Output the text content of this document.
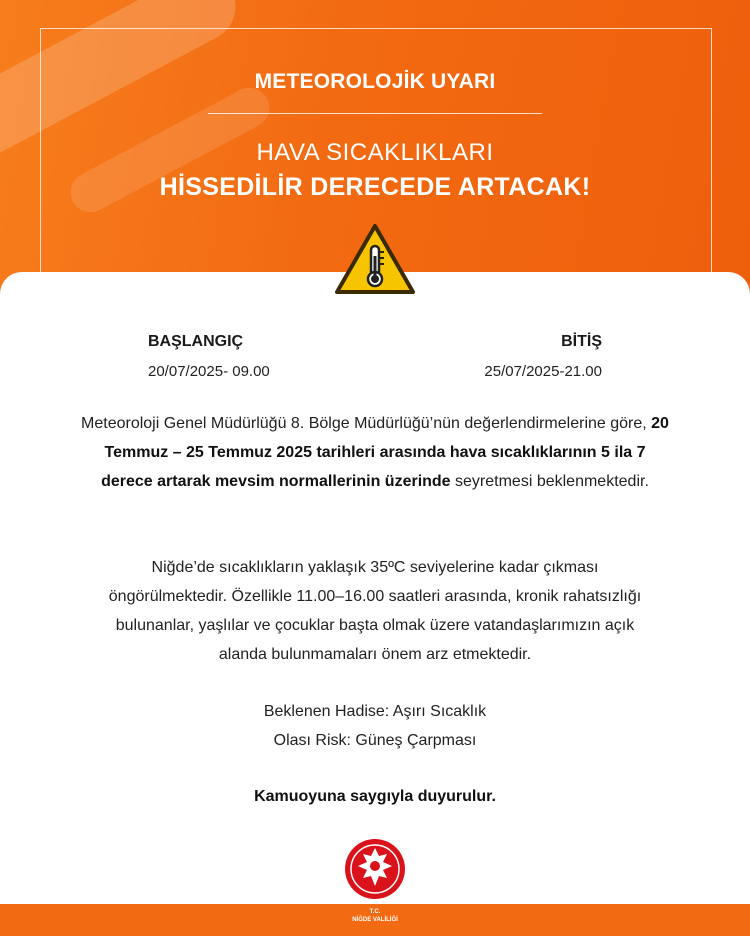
METEOROLOJİK UYARI
HAVA SICAKLIKLARI
HİSSEDİLİR DERECEDE ARTACAK!
BAŞLANGIÇ
20/07/2025- 09.00
BİTİŞ
25/07/2025-21.00
Meteoroloji Genel Müdürlüğü 8. Bölge Müdürlüğü’nün değerlendirmelerine göre, 20 Temmuz – 25 Temmuz 2025 tarihleri arasında hava sıcaklıklarının 5 ila 7 derece artarak mevsim normallerinin üzerinde seyretmesi beklenmektedir.
Niğde’de sıcaklıkların yaklaşık 35ºC seviyelerine kadar çıkması öngörülmektedir. Özellikle 11.00–16.00 saatleri arasında, kronik rahatsızlığı bulunanlar, yaşlılar ve çocuklar başta olmak üzere vatandaşlarımızın açık alanda bulunmamaları önem arz etmektedir.
Beklenen Hadise: Aşırı Sıcaklık
Olası Risk: Güneş Çarpması
Kamuoyuna saygıyla duyurulur.
T.C.
NİĞDE VALİLİĞİ
